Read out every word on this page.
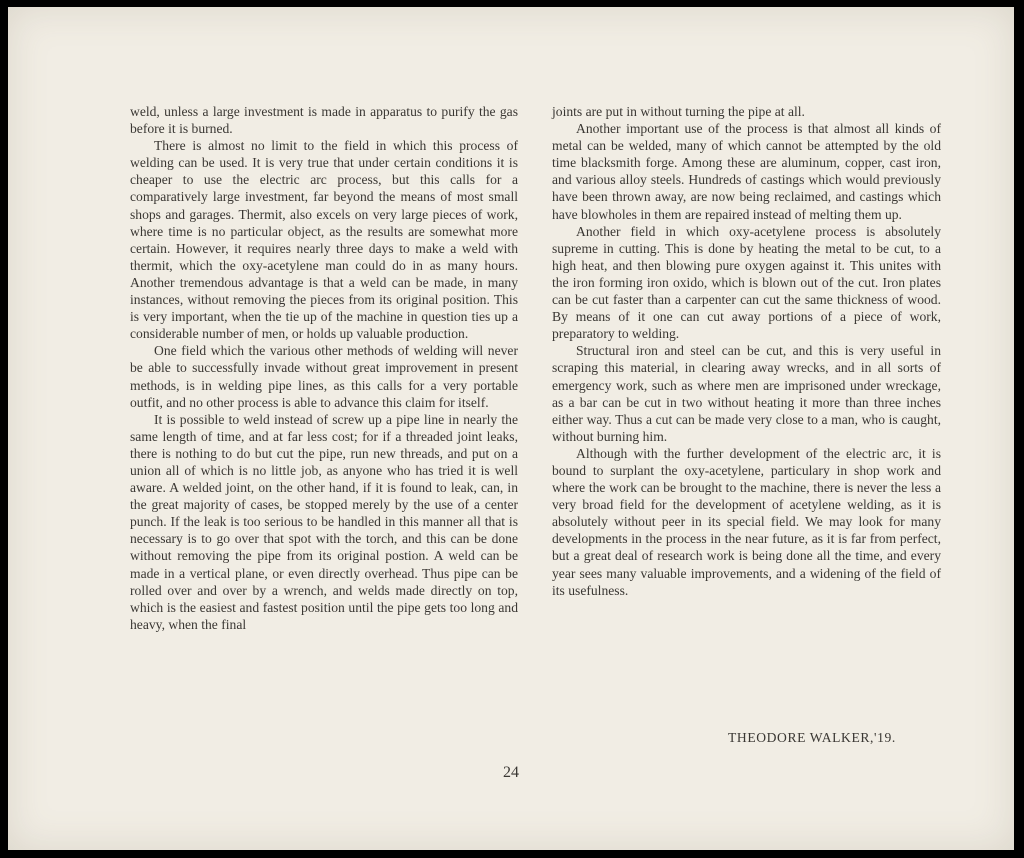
weld, unless a large investment is made in apparatus to purify the gas before it is burned.

There is almost no limit to the field in which this process of welding can be used. It is very true that under certain conditions it is cheaper to use the electric arc process, but this calls for a comparatively large investment, far beyond the means of most small shops and garages. Thermit, also excels on very large pieces of work, where time is no particular object, as the results are somewhat more certain. However, it requires nearly three days to make a weld with thermit, which the oxy-acetylene man could do in as many hours. Another tremendous advantage is that a weld can be made, in many instances, without removing the pieces from its original position. This is very important, when the tie up of the machine in question ties up a considerable number of men, or holds up valuable production.

One field which the various other methods of welding will never be able to successfully invade without great improvement in present methods, is in welding pipe lines, as this calls for a very portable outfit, and no other process is able to advance this claim for itself.

It is possible to weld instead of screw up a pipe line in nearly the same length of time, and at far less cost; for if a threaded joint leaks, there is nothing to do but cut the pipe, run new threads, and put on a union all of which is no little job, as anyone who has tried it is well aware. A welded joint, on the other hand, if it is found to leak, can, in the great majority of cases, be stopped merely by the use of a center punch. If the leak is too serious to be handled in this manner all that is necessary is to go over that spot with the torch, and this can be done without removing the pipe from its original postion. A weld can be made in a vertical plane, or even directly overhead. Thus pipe can be rolled over and over by a wrench, and welds made directly on top, which is the easiest and fastest position until the pipe gets too long and heavy, when the final

joints are put in without turning the pipe at all.

Another important use of the process is that almost all kinds of metal can be welded, many of which cannot be attempted by the old time blacksmith forge. Among these are aluminum, copper, cast iron, and various alloy steels. Hundreds of castings which would previously have been thrown away, are now being reclaimed, and castings which have blowholes in them are repaired instead of melting them up.

Another field in which oxy-acetylene process is absolutely supreme in cutting. This is done by heating the metal to be cut, to a high heat, and then blowing pure oxygen against it. This unites with the iron forming iron oxido, which is blown out of the cut. Iron plates can be cut faster than a carpenter can cut the same thickness of wood. By means of it one can cut away portions of a piece of work, preparatory to welding.

Structural iron and steel can be cut, and this is very useful in scraping this material, in clearing away wrecks, and in all sorts of emergency work, such as where men are imprisoned under wreckage, as a bar can be cut in two without heating it more than three inches either way. Thus a cut can be made very close to a man, who is caught, without burning him.

Although with the further development of the electric arc, it is bound to surplant the oxy-acetylene, particulary in shop work and where the work can be brought to the machine, there is never the less a very broad field for the development of acetylene welding, as it is absolutely without peer in its special field. We may look for many developments in the process in the near future, as it is far from perfect, but a great deal of research work is being done all the time, and every year sees many valuable improvements, and a widening of the field of its usefulness.

THEODORE WALKER,'19.
24
